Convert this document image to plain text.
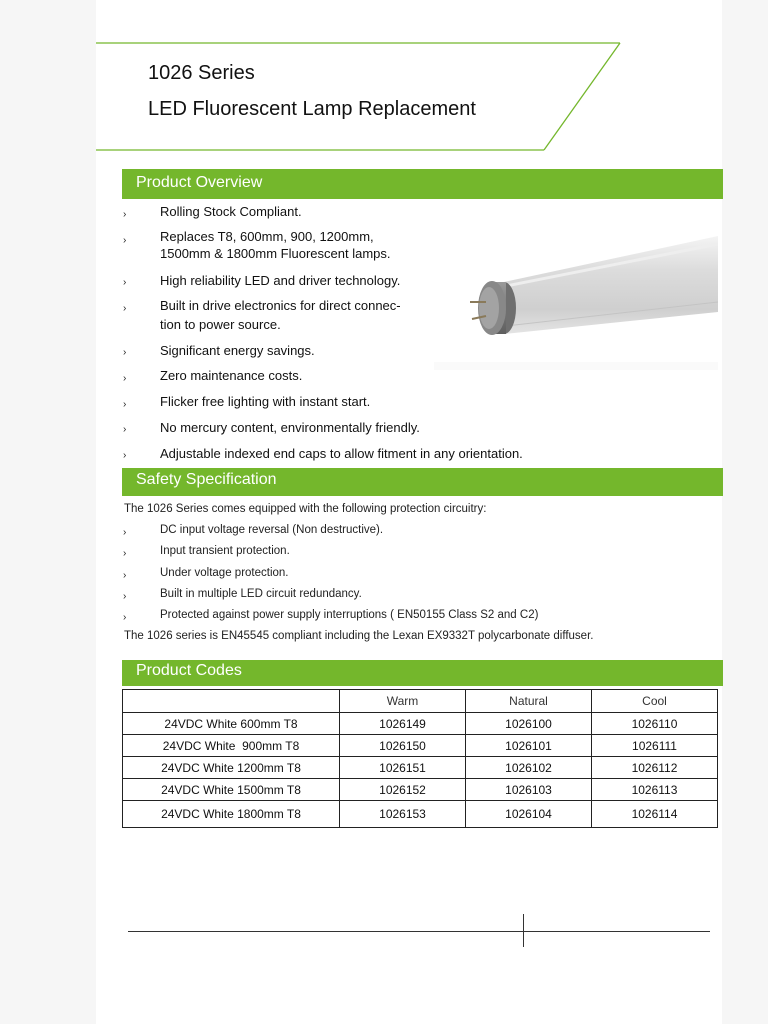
1026 Series
LED Fluorescent Lamp Replacement
Product Overview
›	Rolling Stock Compliant.
›	Replaces T8, 600mm, 900, 1200mm,
1500mm & 1800mm Fluorescent lamps.
›	High reliability LED and driver technology.
›	Built in drive electronics for direct connec-
tion to power source.
›	Significant energy savings.
›	Zero maintenance costs.
›	Flicker free lighting with instant start.
›	No mercury content, environmentally friendly.
›	Adjustable indexed end caps to allow fitment in any orientation.
Safety Specification
The 1026 Series comes equipped with the following protection circuitry:
›	DC input voltage reversal (Non destructive).
›	Input transient protection.
›	Under voltage protection.
›	Built in multiple LED circuit redundancy.
›	Protected against power supply interruptions ( EN50155 Class S2 and C2)
The 1026 series is EN45545 compliant including the Lexan EX9332T polycarbonate diffuser.
Product Codes
	Warm	Natural	Cool
24VDC White 600mm T8	1026149	1026100	1026110
24VDC White  900mm T8	1026150	1026101	1026111
24VDC White 1200mm T8	1026151	1026102	1026112
24VDC White 1500mm T8	1026152	1026103	1026113
24VDC White 1800mm T8	1026153	1026104	1026114
